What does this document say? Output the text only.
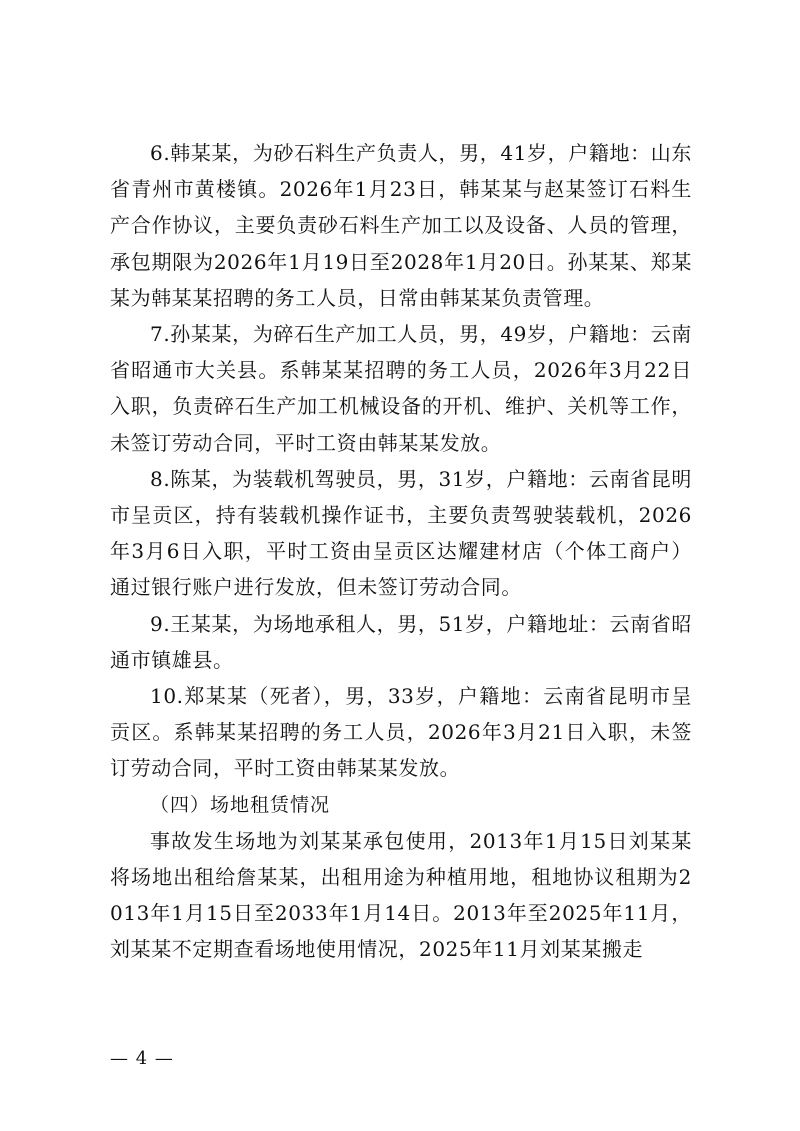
6.韩某某，为砂石料生产负责人，男，41岁，户籍地：山东省青州市黄楼镇。2026年1月23日，韩某某与赵某签订石料生产合作协议，主要负责砂石料生产加工以及设备、人员的管理，承包期限为2026年1月19日至2028年1月20日。孙某某、郑某某为韩某某招聘的务工人员，日常由韩某某负责管理。

7.孙某某，为碎石生产加工人员，男，49岁，户籍地：云南省昭通市大关县。系韩某某招聘的务工人员，2026年3月22日入职，负责碎石生产加工机械设备的开机、维护、关机等工作，未签订劳动合同，平时工资由韩某某发放。

8.陈某，为装载机驾驶员，男，31岁，户籍地：云南省昆明市呈贡区，持有装载机操作证书，主要负责驾驶装载机，2026年3月6日入职，平时工资由呈贡区达耀建材店（个体工商户）通过银行账户进行发放，但未签订劳动合同。

9.王某某，为场地承租人，男，51岁，户籍地址：云南省昭通市镇雄县。

10.郑某某（死者），男，33岁，户籍地：云南省昆明市呈贡区。系韩某某招聘的务工人员，2026年3月21日入职，未签订劳动合同，平时工资由韩某某发放。

（四）场地租赁情况

事故发生场地为刘某某承包使用，2013年1月15日刘某某将场地出租给詹某某，出租用途为种植用地，租地协议租期为2013年1月15日至2033年1月14日。2013年至2025年11月，刘某某不定期查看场地使用情况，2025年11月刘某某搬走

— 4 —
